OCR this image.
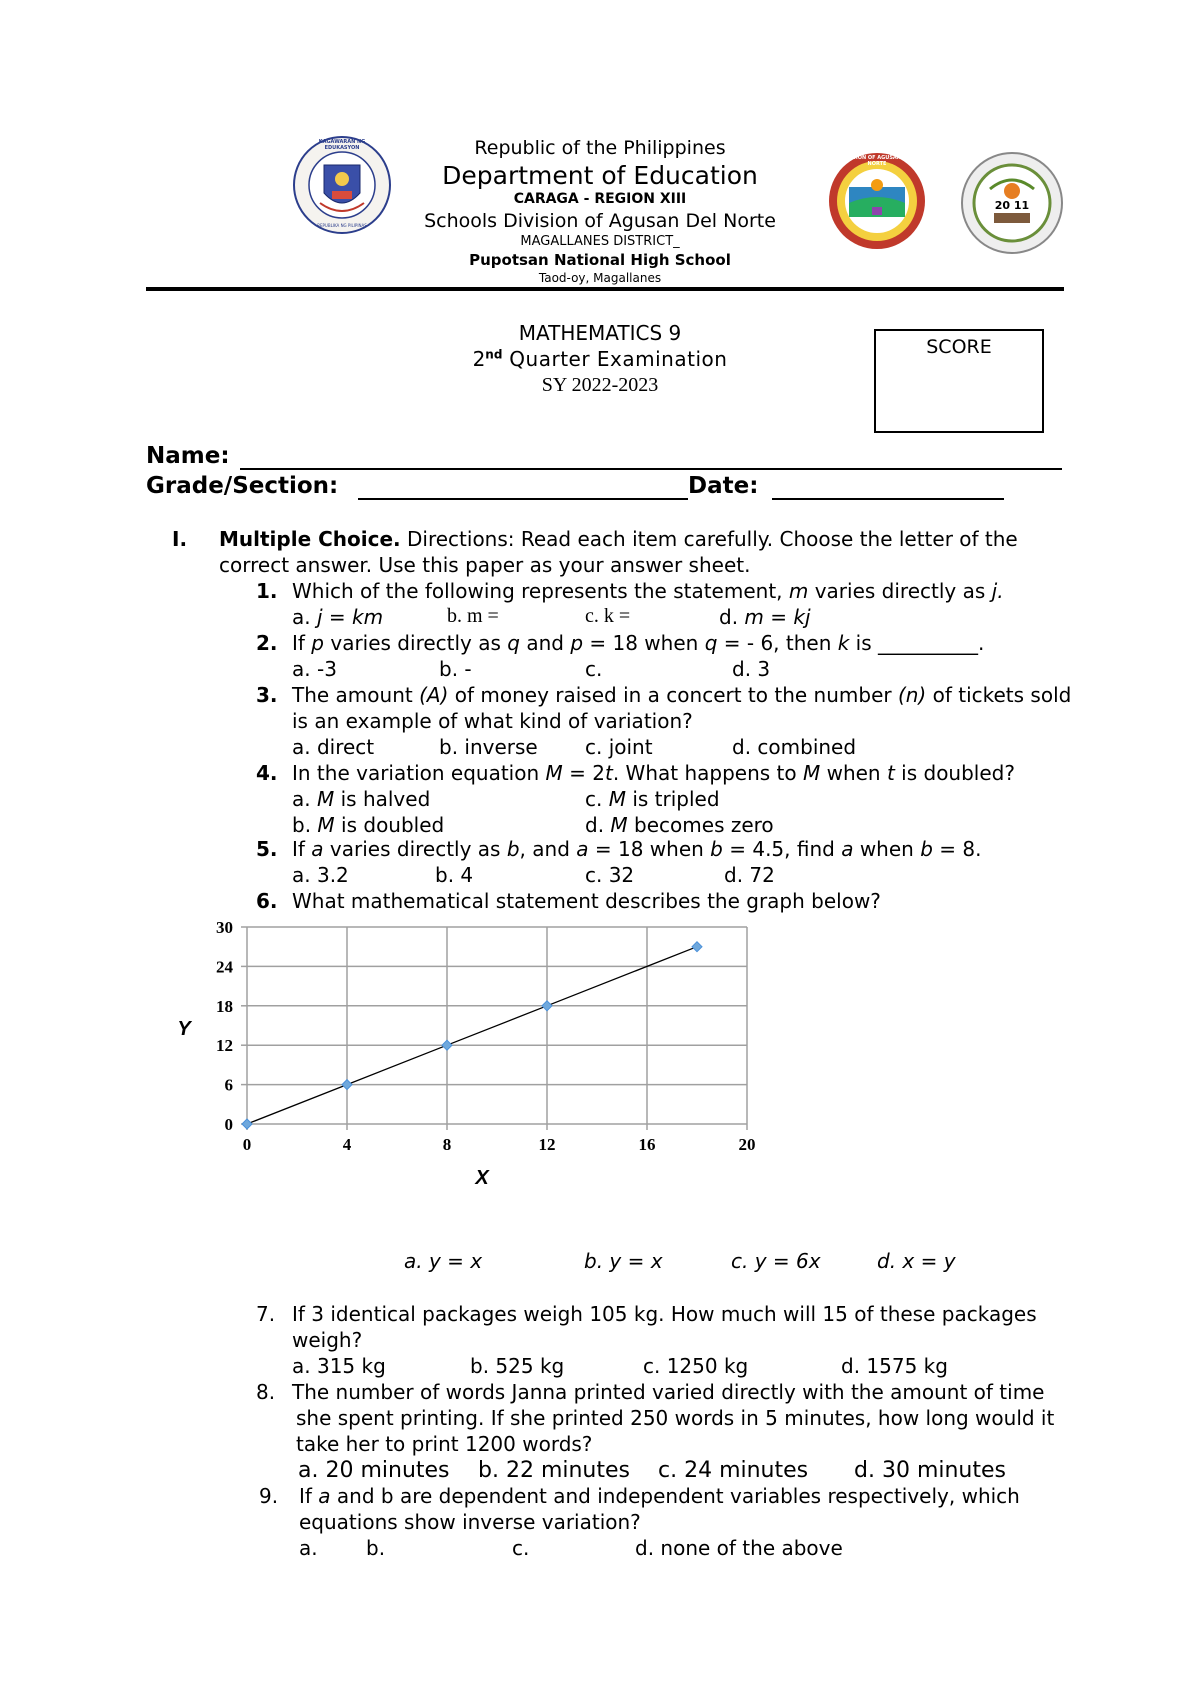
KAGAWARAN NG EDUKASYON
REPUBLIKA NG PILIPINAS
DIVISION OF AGUSAN DEL NORTE
20 11
Republic of the Philippines
Department of Education
CARAGA - REGION XIII
Schools Division of Agusan Del Norte
MAGALLANES DISTRICT_
Pupotsan National High School
Taod-oy, Magallanes
MATHEMATICS 9
2nd Quarter Examination
SY 2022-2023
SCORE
Name:
Grade/Section:	Date:
I. Multiple Choice. Directions: Read each item carefully. Choose the letter of the
correct answer. Use this paper as your answer sheet.
1. Which of the following represents the statement, m varies directly as j.
a. j = km	b. m =	c. k =	d. m = kj
2. If p varies directly as q and p = 18 when q = - 6, then k is __________.
a. -3	b. -	c.	d. 3
3. The amount (A) of money raised in a concert to the number (n) of tickets sold
is an example of what kind of variation?
a. direct	b. inverse c. joint	d. combined
4. In the variation equation M = 2t. What happens to M when t is doubled?
a. M is halved	c. M is tripled
b. M is doubled	d. M becomes zero
5. If a varies directly as b, and a = 18 when b = 4.5, find a when b = 8.
a. 3.2	b. 4	c. 32	d. 72
6. What mathematical statement describes the graph below?
0
6
12
18
24
30
0	4	8	12	16	20
X
Y
a. y = x	b. y = x	c. y = 6x	d. x = y
7. If 3 identical packages weigh 105 kg. How much will 15 of these packages
weigh?
a. 315 kg	b. 525 kg	c. 1250 kg	d. 1575 kg
8. The number of words Janna printed varied directly with the amount of time
she spent printing. If she printed 250 words in 5 minutes, how long would it
take her to print 1200 words?
a. 20 minutes b. 22 minutes c. 24 minutes d. 30 minutes
9. If a and b are dependent and independent variables respectively, which
equations show inverse variation?
a. b.	c.	d. none of the above
